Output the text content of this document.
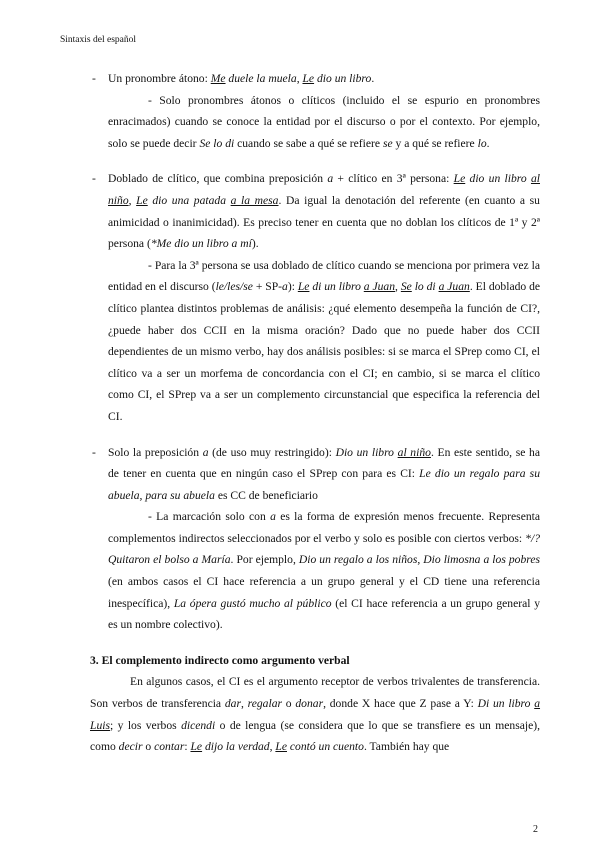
Sintaxis del español
- Un pronombre átono: Me duele la muela, Le dio un libro.
- Solo pronombres átonos o clíticos (incluido el se espurio en pronombres enracimados) cuando se conoce la entidad por el discurso o por el contexto. Por ejemplo, solo se puede decir Se lo di cuando se sabe a qué se refiere se y a qué se refiere lo.
- Doblado de clítico, que combina preposición a + clítico en 3ª persona: Le dio un libro al niño, Le dio una patada a la mesa. Da igual la denotación del referente (en cuanto a su animicidad o inanimicidad). Es preciso tener en cuenta que no doblan los clíticos de 1ª y 2ª persona (*Me dio un libro a mí).
- Para la 3ª persona se usa doblado de clítico cuando se menciona por primera vez la entidad en el discurso (le/les/se + SP-a): Le di un libro a Juan, Se lo di a Juan. El doblado de clítico plantea distintos problemas de análisis: ¿qué elemento desempeña la función de CI?, ¿puede haber dos CCII en la misma oración? Dado que no puede haber dos CCII dependientes de un mismo verbo, hay dos análisis posibles: si se marca el SPrep como CI, el clítico va a ser un morfema de concordancia con el CI; en cambio, si se marca el clítico como CI, el SPrep va a ser un complemento circunstancial que especifica la referencia del CI.
- Solo la preposición a (de uso muy restringido): Dio un libro al niño. En este sentido, se ha de tener en cuenta que en ningún caso el SPrep con para es CI: Le dio un regalo para su abuela, para su abuela es CC de beneficiario
- La marcación solo con a es la forma de expresión menos frecuente. Representa complementos indirectos seleccionados por el verbo y solo es posible con ciertos verbos: */?Quitaron el bolso a María. Por ejemplo, Dio un regalo a los niños, Dio limosna a los pobres (en ambos casos el CI hace referencia a un grupo general y el CD tiene una referencia inespecífica), La ópera gustó mucho al público (el CI hace referencia a un grupo general y es un nombre colectivo).
3. El complemento indirecto como argumento verbal
En algunos casos, el CI es el argumento receptor de verbos trivalentes de transferencia. Son verbos de transferencia dar, regalar o donar, donde X hace que Z pase a Y: Di un libro a Luis; y los verbos dicendi o de lengua (se considera que lo que se transfiere es un mensaje), como decir o contar: Le dijo la verdad, Le contó un cuento. También hay que
2
